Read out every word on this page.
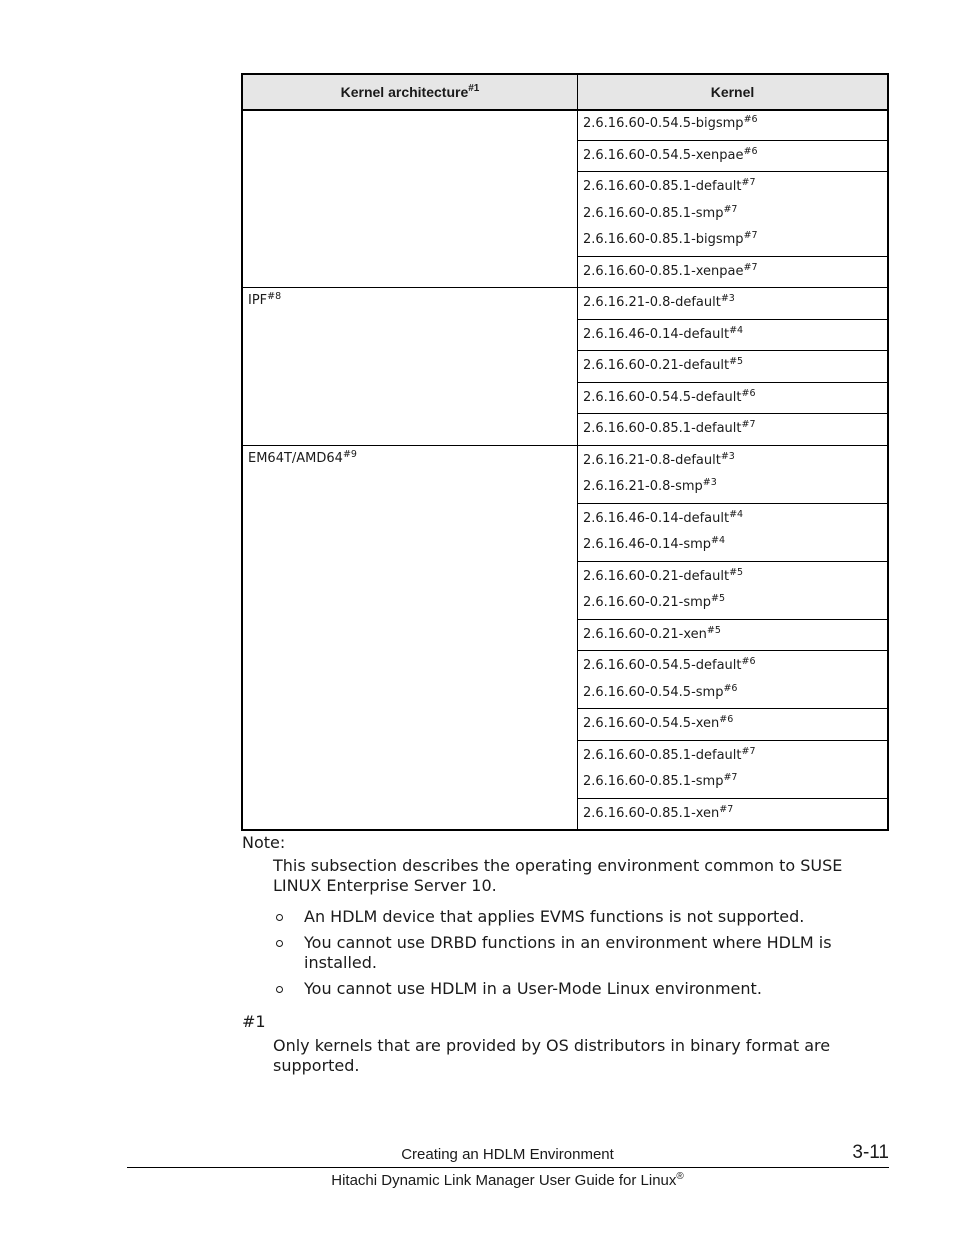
Kernel architecture$^{\#1}$	Kernel

	2.6.16.60-0.54.5-bigsmp$^{\#6}$

	2.6.16.60-0.54.5-xenpae$^{\#6}$

	2.6.16.60-0.85.1-default$^{\#7}$
2.6.16.60-0.85.1-smp$^{\#7}$
2.6.16.60-0.85.1-bigsmp$^{\#7}$

	2.6.16.60-0.85.1-xenpae$^{\#7}$

IPF$^{\#8}$	2.6.16.21-0.8-default$^{\#3}$

	2.6.16.46-0.14-default$^{\#4}$

	2.6.16.60-0.21-default$^{\#5}$

	2.6.16.60-0.54.5-default$^{\#6}$

	2.6.16.60-0.85.1-default$^{\#7}$

EM64T/AMD64$^{\#9}$	2.6.16.21-0.8-default$^{\#3}$
2.6.16.21-0.8-smp$^{\#3}$

	2.6.16.46-0.14-default$^{\#4}$
2.6.16.46-0.14-smp$^{\#4}$

	2.6.16.60-0.21-default$^{\#5}$
2.6.16.60-0.21-smp$^{\#5}$

	2.6.16.60-0.21-xen$^{\#5}$

	2.6.16.60-0.54.5-default$^{\#6}$
2.6.16.60-0.54.5-smp$^{\#6}$

	2.6.16.60-0.54.5-xen$^{\#6}$

	2.6.16.60-0.85.1-default$^{\#7}$
2.6.16.60-0.85.1-smp$^{\#7}$

	2.6.16.60-0.85.1-xen$^{\#7}$
Note:
This subsection describes the operating environment common to SUSE LINUX Enterprise Server 10.
An HDLM device that applies EVMS functions is not supported.
You cannot use DRBD functions in an environment where HDLM is installed.
You cannot use HDLM in a User-Mode Linux environment.
#1
Only kernels that are provided by OS distributors in binary format are supported.
Creating an HDLM Environment	3-11
Hitachi Dynamic Link Manager User Guide for Linux®
